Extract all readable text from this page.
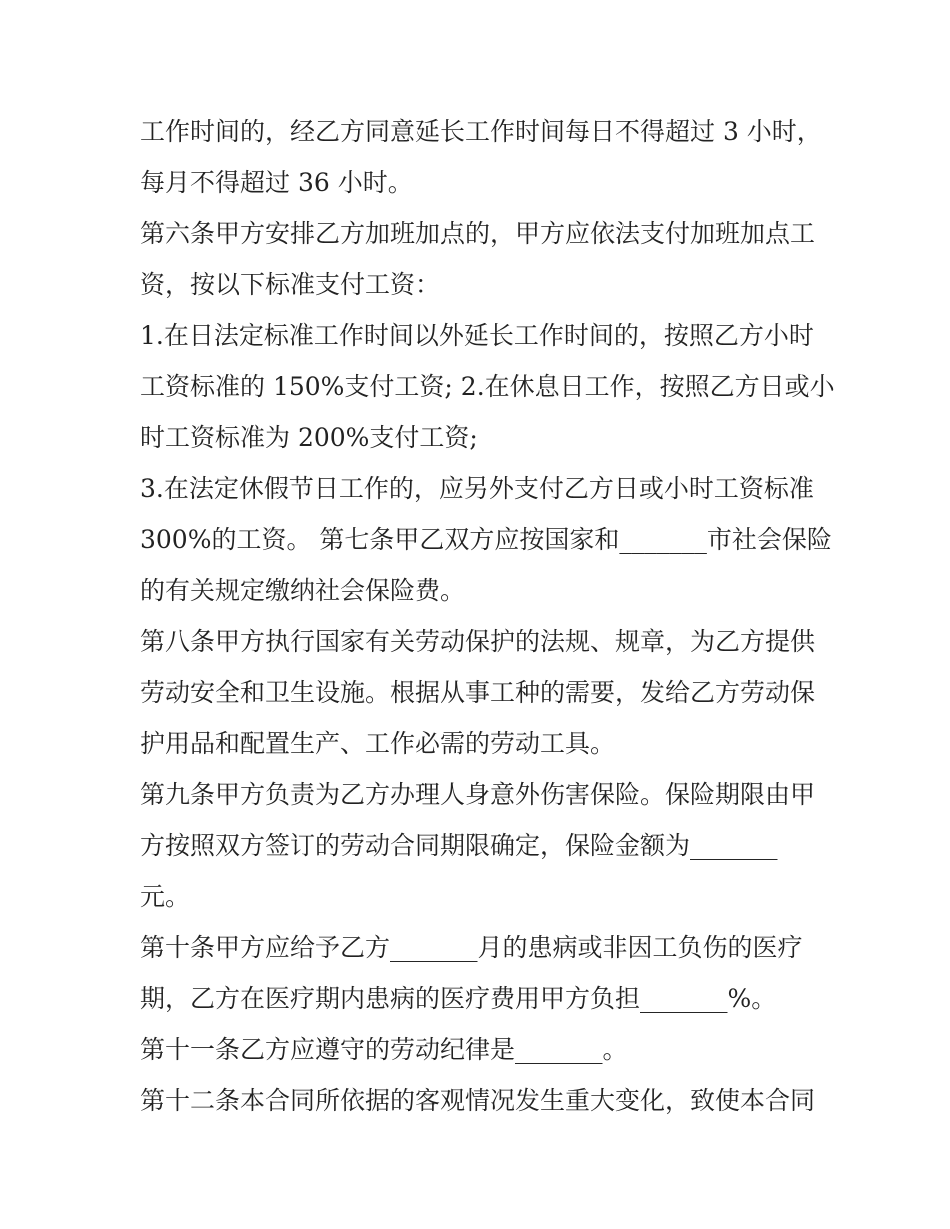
工作时间的，经乙方同意延长工作时间每日不得超过 3 小时，
每月不得超过 36 小时。
第六条甲方安排乙方加班加点的，甲方应依法支付加班加点工
资，按以下标准支付工资：
1.在日法定标准工作时间以外延长工作时间的，按照乙方小时
工资标准的 150%支付工资; 2.在休息日工作，按照乙方日或小
时工资标准为 200%支付工资;
3.在法定休假节日工作的，应另外支付乙方日或小时工资标准
300%的工资。 第七条甲乙双方应按国家和_______市社会保险
的有关规定缴纳社会保险费。
第八条甲方执行国家有关劳动保护的法规、规章，为乙方提供
劳动安全和卫生设施。根据从事工种的需要，发给乙方劳动保
护用品和配置生产、工作必需的劳动工具。
第九条甲方负责为乙方办理人身意外伤害保险。保险期限由甲
方按照双方签订的劳动合同期限确定，保险金额为_______
元。
第十条甲方应给予乙方_______月的患病或非因工负伤的医疗
期，乙方在医疗期内患病的医疗费用甲方负担_______%。
第十一条乙方应遵守的劳动纪律是_______。
第十二条本合同所依据的客观情况发生重大变化，致使本合同
